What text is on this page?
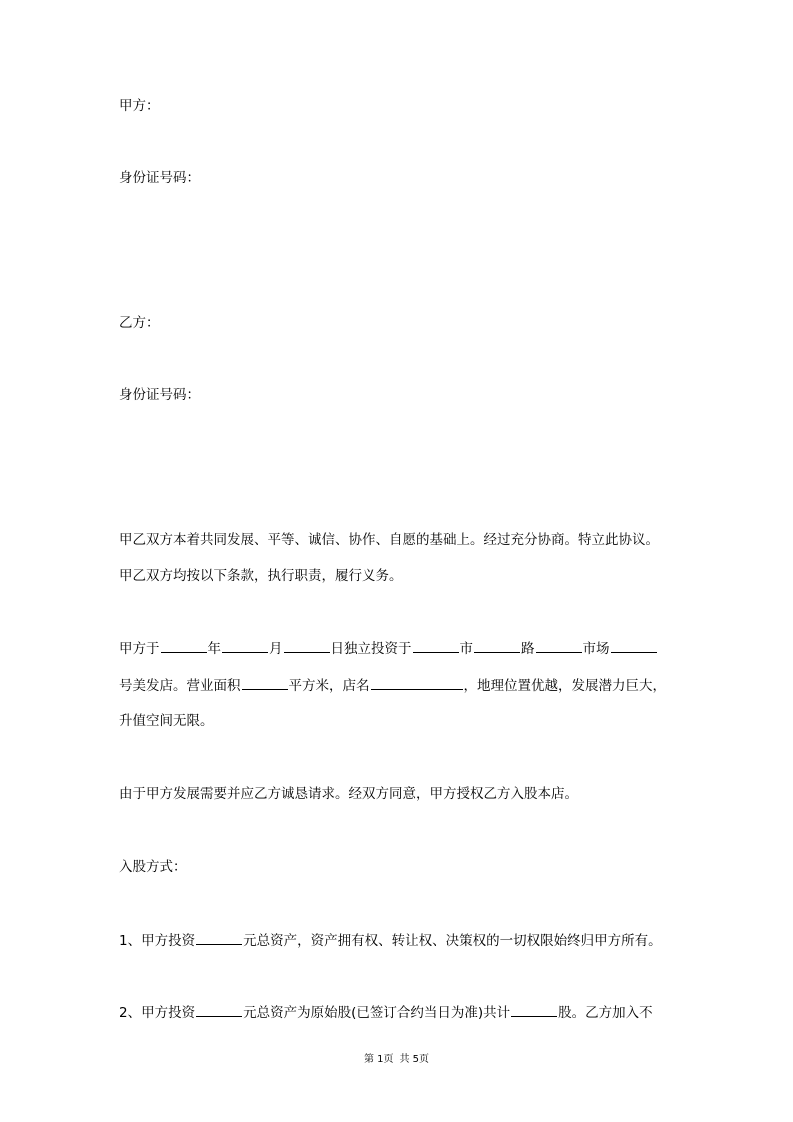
甲方：
身份证号码：
乙方：
身份证号码：
甲乙双方本着共同发展、平等、诚信、协作、自愿的基础上。经过充分协商。特立此协议。
甲乙双方均按以下条款，执行职责，履行义务。
甲方于	年	月	日独立投资于	市	路	市场
号美发店。营业面积	平方米，店名	，地理位置优越，发展潜力巨大，
升值空间无限。
由于甲方发展需要并应乙方诚恳请求。经双方同意，甲方授权乙方入股本店。
入股方式：
1、甲方投资	元总资产，资产拥有权、转让权、决策权的一切权限始终归甲方所有。
2、甲方投资	元总资产为原始股(已签订合约当日为准)共计	股。乙方加入不
第 1页 共 5页
